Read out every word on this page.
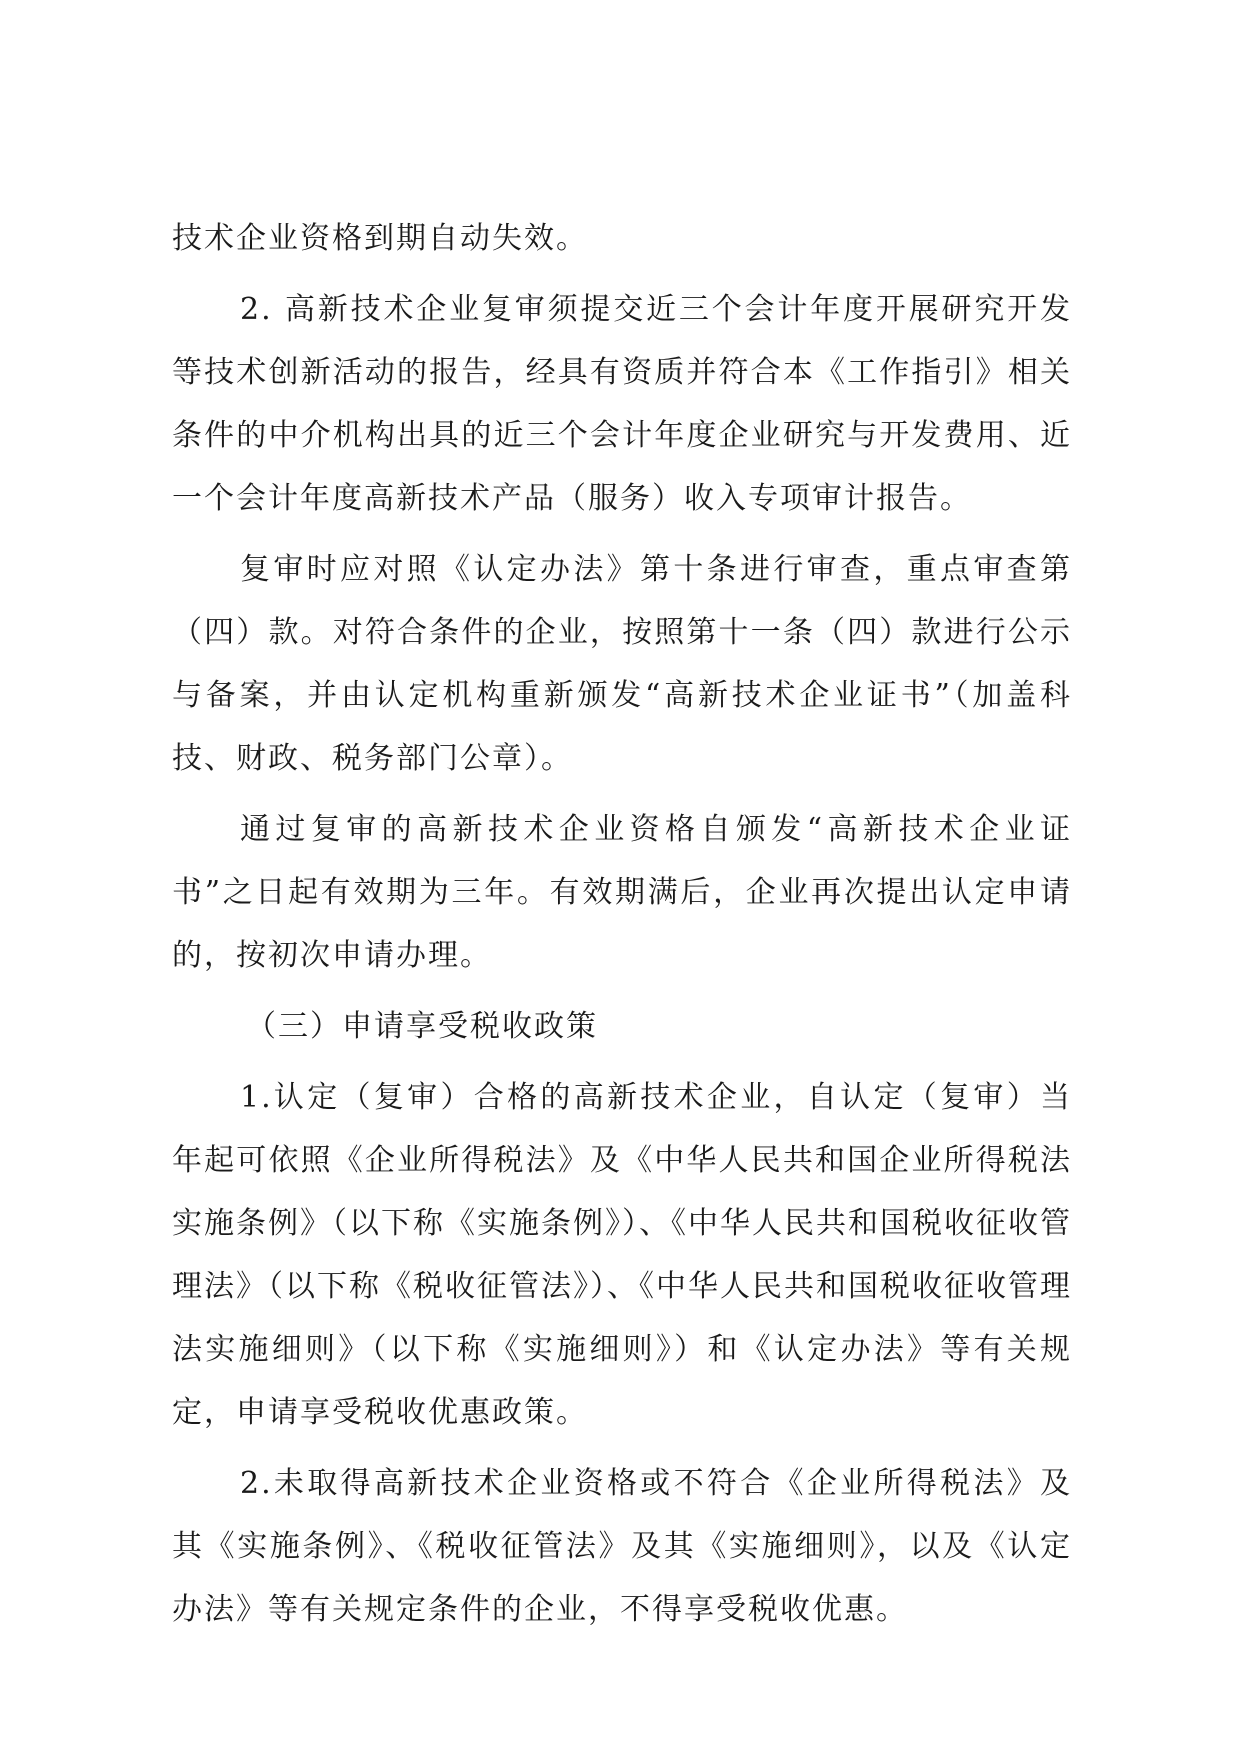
技术企业资格到期自动失效。

2. 高新技术企业复审须提交近三个会计年度开展研究开发等技术创新活动的报告，经具有资质并符合本《工作指引》相关条件的中介机构出具的近三个会计年度企业研究与开发费用、近一个会计年度高新技术产品（服务）收入专项审计报告。

复审时应对照《认定办法》第十条进行审查，重点审查第（四）款。对符合条件的企业，按照第十一条（四）款进行公示与备案，并由认定机构重新颁发“高新技术企业证书”（加盖科技、财政、税务部门公章）。

通过复审的高新技术企业资格自颁发“高新技术企业证书”之日起有效期为三年。有效期满后，企业再次提出认定申请的，按初次申请办理。

（三）申请享受税收政策

1.认定（复审）合格的高新技术企业，自认定（复审）当年起可依照《企业所得税法》及《中华人民共和国企业所得税法实施条例》（以下称《实施条例》）、《中华人民共和国税收征收管理法》（以下称《税收征管法》）、《中华人民共和国税收征收管理法实施细则》（以下称《实施细则》）和《认定办法》等有关规定，申请享受税收优惠政策。

2.未取得高新技术企业资格或不符合《企业所得税法》及其《实施条例》、《税收征管法》及其《实施细则》，以及《认定办法》等有关规定条件的企业，不得享受税收优惠。
